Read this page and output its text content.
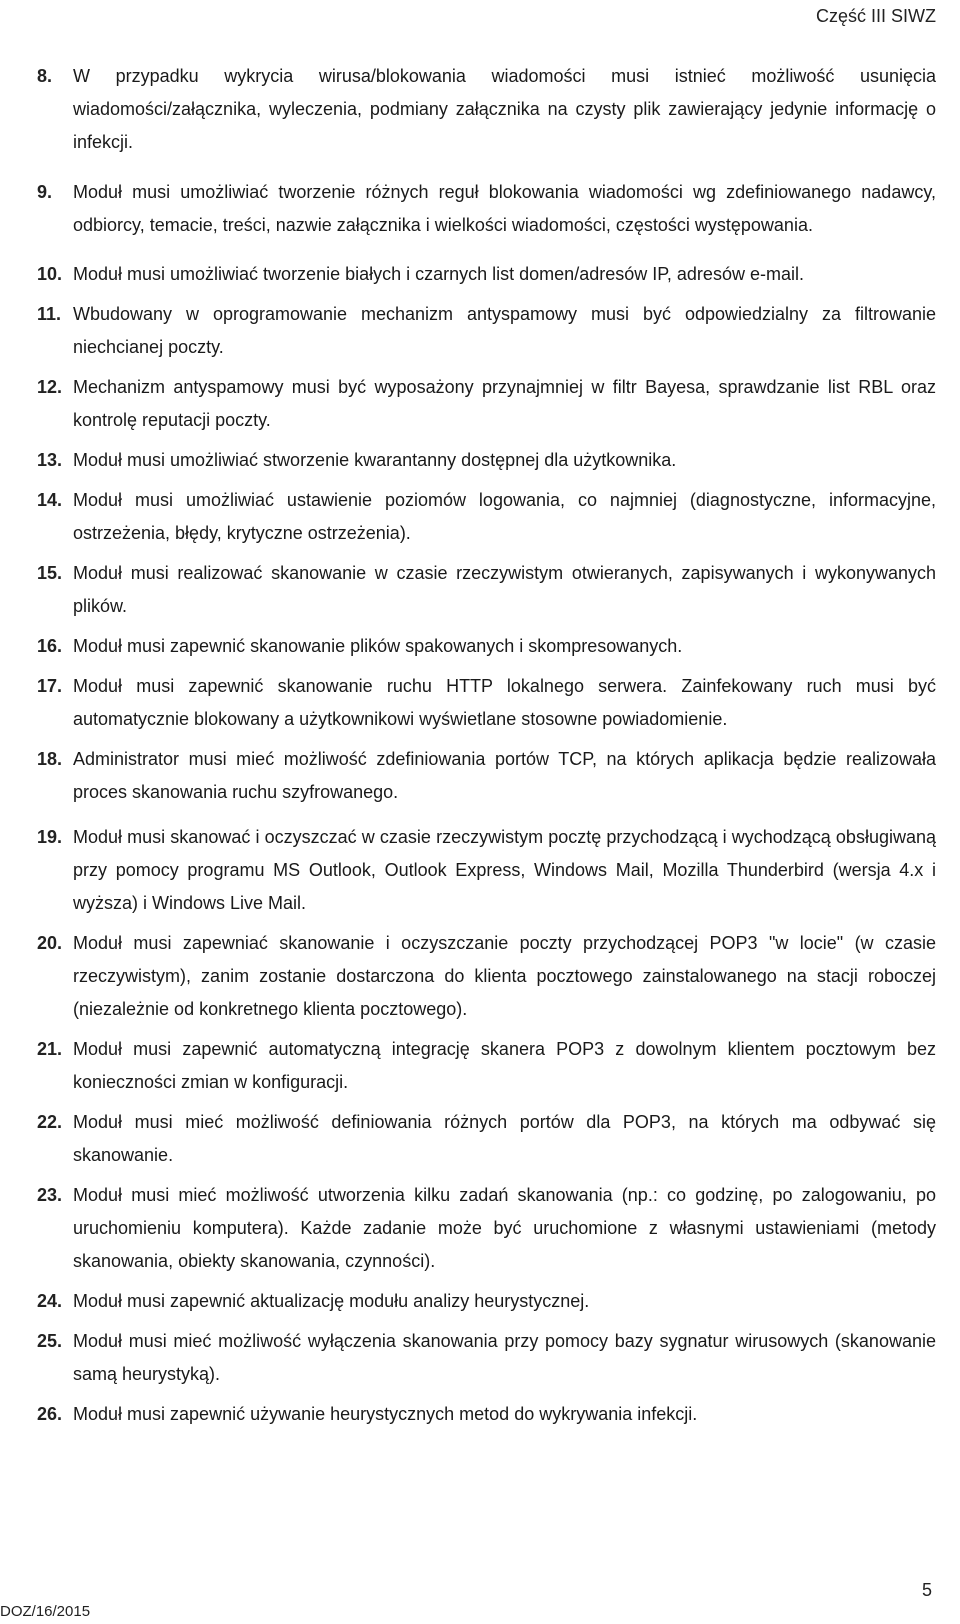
Część III SIWZ
8.	W przypadku wykrycia wirusa/blokowania wiadomości musi istnieć możliwość usunięcia wiadomości/załącznika, wyleczenia, podmiany załącznika na czysty plik zawierający jedynie informację o infekcji.
9.	Moduł musi umożliwiać tworzenie różnych reguł blokowania wiadomości wg zdefiniowanego nadawcy, odbiorcy, temacie, treści, nazwie załącznika i wielkości wiadomości, częstości występowania.
10. Moduł musi umożliwiać tworzenie białych i czarnych list domen/adresów IP, adresów e-mail.
11. Wbudowany w oprogramowanie mechanizm antyspamowy musi być odpowiedzialny za filtrowanie niechcianej poczty.
12. Mechanizm antyspamowy musi być wyposażony przynajmniej w filtr Bayesa, sprawdzanie list RBL oraz kontrolę reputacji poczty.
13. Moduł musi umożliwiać stworzenie kwarantanny dostępnej dla użytkownika.
14. Moduł musi umożliwiać ustawienie poziomów logowania, co najmniej (diagnostyczne, informacyjne, ostrzeżenia, błędy, krytyczne ostrzeżenia).
15. Moduł musi realizować skanowanie w czasie rzeczywistym otwieranych, zapisywanych i wykonywanych plików.
16. Moduł musi zapewnić skanowanie plików spakowanych i skompresowanych.
17. Moduł musi zapewnić skanowanie ruchu HTTP lokalnego serwera. Zainfekowany ruch musi być automatycznie blokowany a użytkownikowi wyświetlane stosowne powiadomienie.
18. Administrator musi mieć możliwość zdefiniowania portów TCP, na których aplikacja będzie realizowała proces skanowania ruchu szyfrowanego.
19. Moduł musi skanować i oczyszczać w czasie rzeczywistym pocztę przychodzącą i wychodzącą obsługiwaną przy pomocy programu MS Outlook, Outlook Express, Windows Mail, Mozilla Thunderbird (wersja 4.x i wyższa) i Windows Live Mail.
20. Moduł musi zapewniać skanowanie i oczyszczanie poczty przychodzącej POP3 "w locie" (w czasie rzeczywistym), zanim zostanie dostarczona do klienta pocztowego zainstalowanego na stacji roboczej (niezależnie od konkretnego klienta pocztowego).
21. Moduł musi zapewnić automatyczną integrację skanera POP3 z dowolnym klientem pocztowym bez konieczności zmian w konfiguracji.
22. Moduł musi mieć możliwość definiowania różnych portów dla POP3, na których ma odbywać się skanowanie.
23. Moduł musi mieć możliwość utworzenia kilku zadań skanowania (np.: co godzinę, po zalogowaniu, po uruchomieniu komputera). Każde zadanie może być uruchomione z własnymi ustawieniami (metody skanowania, obiekty skanowania, czynności).
24. Moduł musi zapewnić aktualizację modułu analizy heurystycznej.
25. Moduł musi mieć możliwość wyłączenia skanowania przy pomocy bazy sygnatur wirusowych (skanowanie samą heurystyką).
26. Moduł musi zapewnić używanie heurystycznych metod do wykrywania infekcji.
5
DOZ/16/2015
